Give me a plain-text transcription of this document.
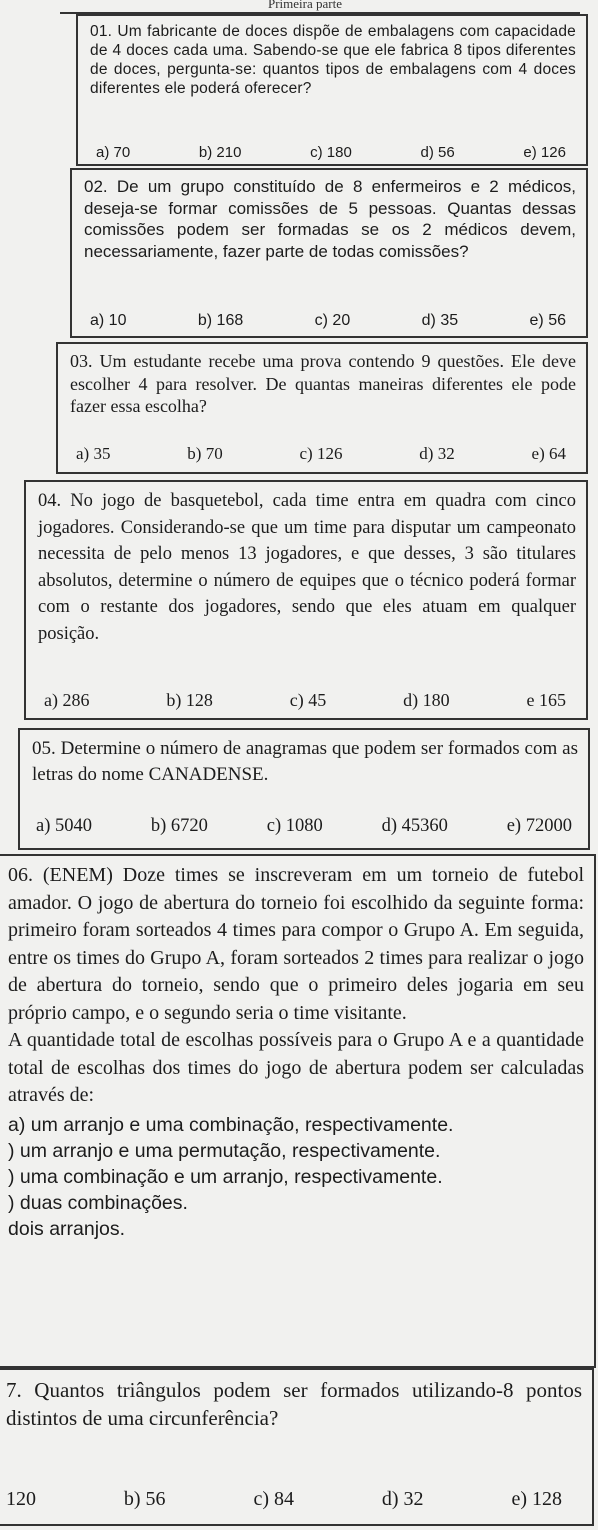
Primeira parte

01. Um fabricante de doces dispõe de embalagens com capacidade de 4 doces cada uma. Sabendo-se que ele fabrica 8 tipos diferentes de doces, pergunta-se: quantos tipos de embalagens com 4 doces diferentes ele poderá oferecer?

a) 70	b) 210	c) 180	d) 56	e) 126

02. De um grupo constituído de 8 enfermeiros e 2 médicos, deseja-se formar comissões de 5 pessoas. Quantas dessas comissões podem ser formadas se os 2 médicos devem, necessariamente, fazer parte de todas comissões?

a) 10	b) 168	c) 20	d) 35	e) 56

03. Um estudante recebe uma prova contendo 9 questões. Ele deve escolher 4 para resolver. De quantas maneiras diferentes ele pode fazer essa escolha?

a) 35	b) 70	c) 126	d) 32	e) 64

04. No jogo de basquetebol, cada time entra em quadra com cinco jogadores. Considerando-se que um time para disputar um campeonato necessita de pelo menos 13 jogadores, e que desses, 3 são titulares absolutos, determine o número de equipes que o técnico poderá formar com o restante dos jogadores, sendo que eles atuam em qualquer posição.

a) 286	b) 128	c) 45	d) 180	e 165

05. Determine o número de anagramas que podem ser formados com as letras do nome CANADENSE.

a) 5040	b) 6720	c) 1080	d) 45360	e) 72000

06. (ENEM) Doze times se inscreveram em um torneio de futebol amador. O jogo de abertura do torneio foi escolhido da seguinte forma: primeiro foram sorteados 4 times para compor o Grupo A. Em seguida, entre os times do Grupo A, foram sorteados 2 times para realizar o jogo de abertura do torneio, sendo que o primeiro deles jogaria em seu próprio campo, e o segundo seria o time visitante.

A quantidade total de escolhas possíveis para o Grupo A e a quantidade total de escolhas dos times do jogo de abertura podem ser calculadas através de:

a) um arranjo e uma combinação, respectivamente.
) um arranjo e uma permutação, respectivamente.
) uma combinação e um arranjo, respectivamente.
) duas combinações.
dois arranjos.

7. Quantos triângulos podem ser formados utilizando-8 pontos distintos de uma circunferência?

120	b) 56	c) 84	d) 32	e) 128
